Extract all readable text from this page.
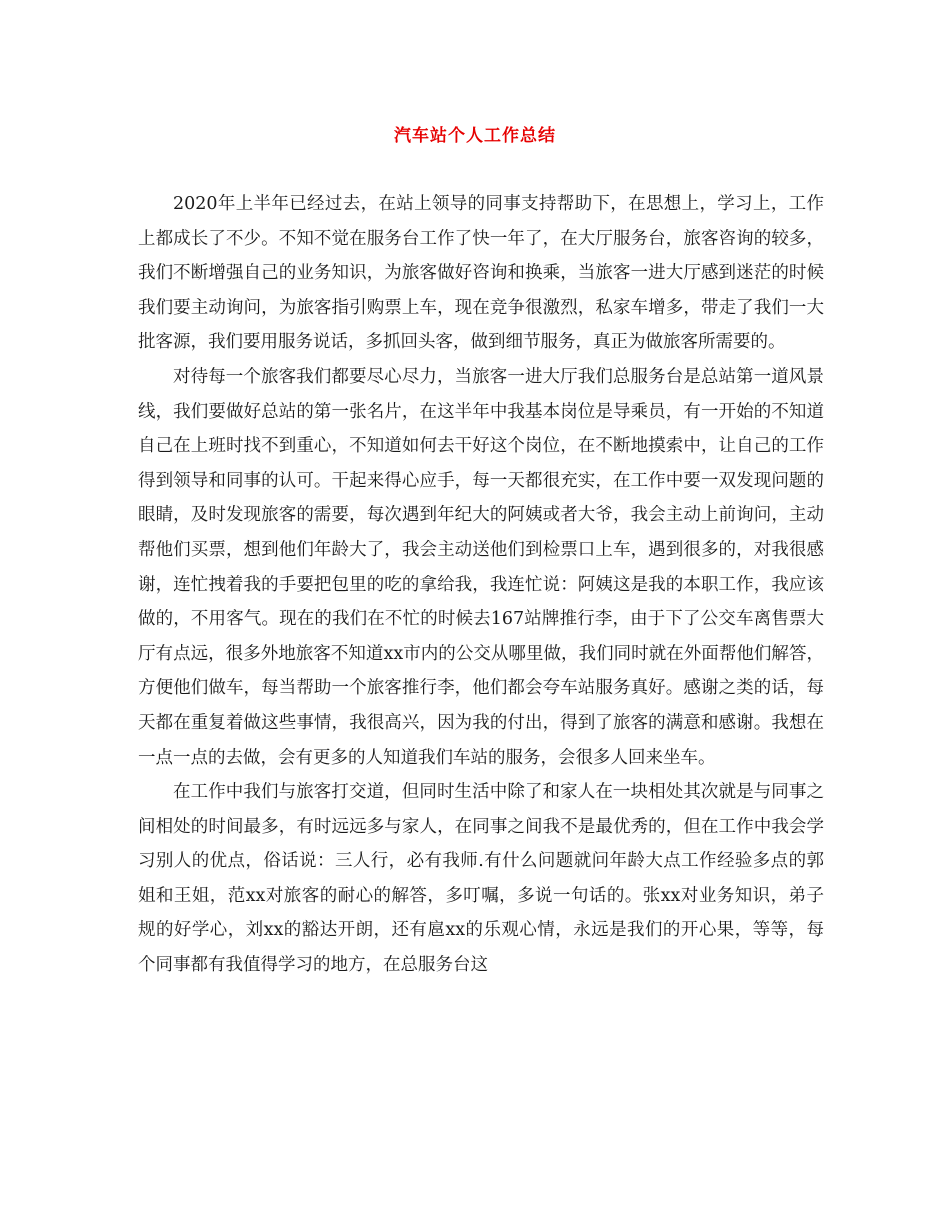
汽车站个人工作总结

2020年上半年已经过去，在站上领导的同事支持帮助下，在思想上，学习上，工作上都成长了不少。不知不觉在服务台工作了快一年了，在大厅服务台，旅客咨询的较多，我们不断增强自己的业务知识，为旅客做好咨询和换乘，当旅客一进大厅感到迷茫的时候我们要主动询问，为旅客指引购票上车，现在竞争很激烈，私家车增多，带走了我们一大批客源，我们要用服务说话，多抓回头客，做到细节服务，真正为做旅客所需要的。

对待每一个旅客我们都要尽心尽力，当旅客一进大厅我们总服务台是总站第一道风景线，我们要做好总站的第一张名片，在这半年中我基本岗位是导乘员，有一开始的不知道自己在上班时找不到重心，不知道如何去干好这个岗位，在不断地摸索中，让自己的工作得到领导和同事的认可。干起来得心应手，每一天都很充实，在工作中要一双发现问题的眼睛，及时发现旅客的需要，每次遇到年纪大的阿姨或者大爷，我会主动上前询问，主动帮他们买票，想到他们年龄大了，我会主动送他们到检票口上车，遇到很多的，对我很感谢，连忙拽着我的手要把包里的吃的拿给我，我连忙说：阿姨这是我的本职工作，我应该做的，不用客气。现在的我们在不忙的时候去167站牌推行李，由于下了公交车离售票大厅有点远，很多外地旅客不知道xx市内的公交从哪里做，我们同时就在外面帮他们解答，方便他们做车，每当帮助一个旅客推行李，他们都会夸车站服务真好。感谢之类的话，每天都在重复着做这些事情，我很高兴，因为我的付出，得到了旅客的满意和感谢。我想在一点一点的去做，会有更多的人知道我们车站的服务，会很多人回来坐车。

在工作中我们与旅客打交道，但同时生活中除了和家人在一块相处其次就是与同事之间相处的时间最多，有时远远多与家人，在同事之间我不是最优秀的，但在工作中我会学习别人的优点，俗话说：三人行，必有我师.有什么问题就问年龄大点工作经验多点的郭姐和王姐，范xx对旅客的耐心的解答，多叮嘱，多说一句话的。张xx对业务知识，弟子规的好学心，刘xx的豁达开朗，还有扈xx的乐观心情，永远是我们的开心果，等等，每个同事都有我值得学习的地方，在总服务台这
